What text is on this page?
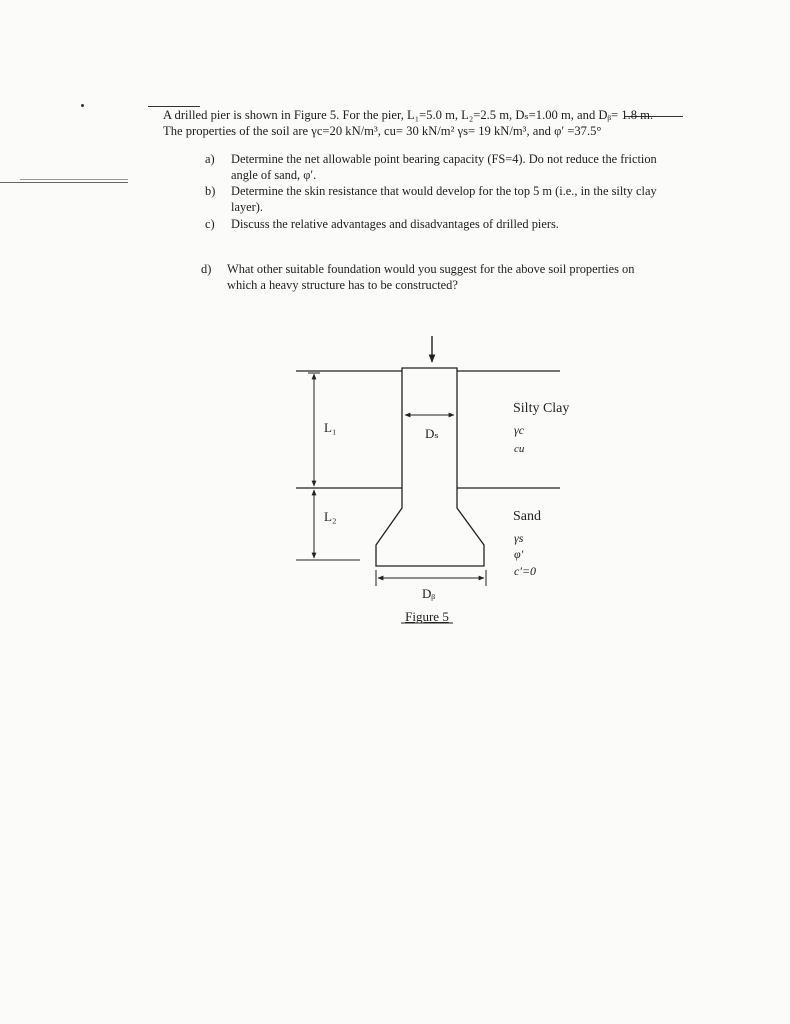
A drilled pier is shown in Figure 5. For the pier, L₁=5.0 m, L₂=2.5 m, Dₛ=1.00 m, and Dᵦ= 1.8 m.
The properties of the soil are γc=20 kN/m³, cu= 30 kN/m² γs= 19 kN/m³, and φ′ =37.5°
a) Determine the net allowable point bearing capacity (FS=4). Do not reduce the friction
angle of sand, φ′.
b) Determine the skin resistance that would develop for the top 5 m (i.e., in the silty clay
layer).
c) Discuss the relative advantages and disadvantages of drilled piers.
d) What other suitable foundation would you suggest for the above soil properties on
which a heavy structure has to be constructed?
L₁
L₂
Dₛ
Dᵦ
Silty Clay
γc
cu
Sand
γs
φ′
c′=0
Figure 5
